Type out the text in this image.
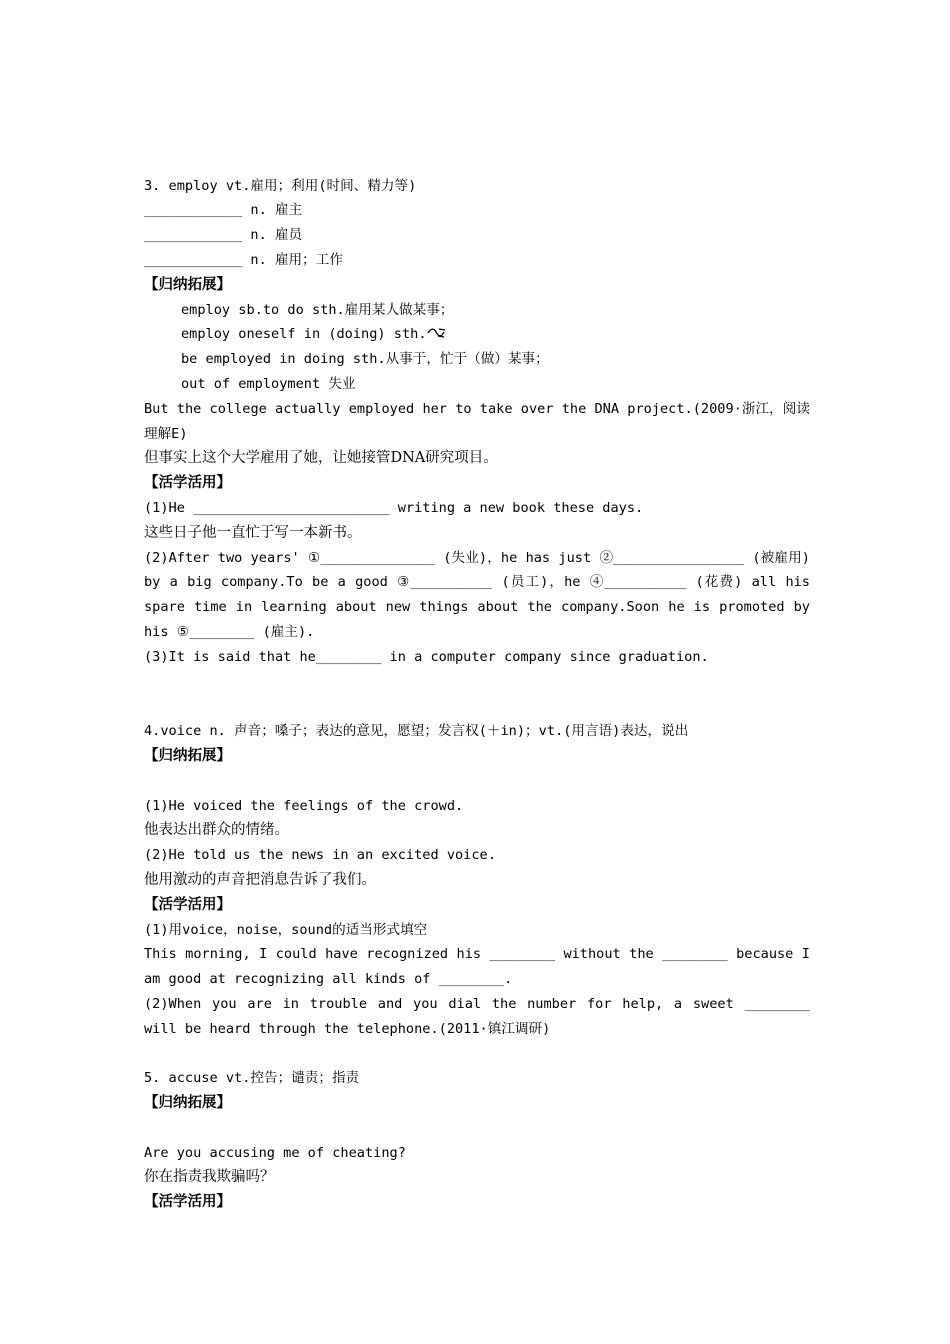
3. employ vt.雇用；利用(时间、精力等)
____________ n. 雇主
____________ n. 雇员
____________ n. 雇用；工作
【归纳拓展】
employ sb.to do sth.雇用某人做某事；
employ oneself in (doing) sth.
be employed in doing sth.从事于，忙于（做）某事；
out of employment 失业
But the college actually employed her to take over the DNA project.(2009·浙江，阅读理解E)
但事实上这个大学雇用了她，让她接管DNA研究项目。
【活学活用】
(1)He ________________________ writing a new book these days.
这些日子他一直忙于写一本新书。
(2)After two years' ①______________ (失业)，he has just ②________________ (被雇用) by a big company.To be a good ③__________ (员工)，he ④__________ (花费) all his spare time in learning about new things about the company.Soon he is promoted by his ⑤________ (雇主).
(3)It is said that he________ in a computer company since graduation.

4.voice n. 声音；嗓子；表达的意见，愿望；发言权(＋in)；vt.(用言语)表达，说出
【归纳拓展】
(1)He voiced the feelings of the crowd.
他表达出群众的情绪。
(2)He told us the news in an excited voice.
他用激动的声音把消息告诉了我们。
【活学活用】
(1)用voice，noise，sound的适当形式填空
This morning, I could have recognized his ________ without the ________ because I am good at recognizing all kinds of ________.
(2)When you are in trouble and you dial the number for help, a sweet ________ will be heard through the telephone.(2011·镇江调研)

5. accuse vt.控告；谴责；指责
【归纳拓展】
Are you accusing me of cheating?
你在指责我欺骗吗？
【活学活用】
